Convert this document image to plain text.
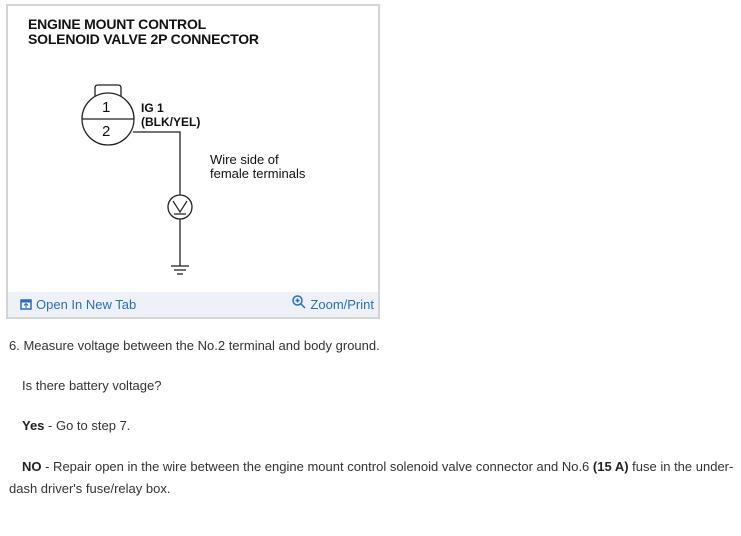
ENGINE MOUNT CONTROL
SOLENOID VALVE 2P CONNECTOR
1
2
IG 1
(BLK/YEL)
Wire side of
female terminals
Open In New Tab	Zoom/Print
6. Measure voltage between the No.2 terminal and body ground.
Is there battery voltage?
Yes - Go to step 7.
NO - Repair open in the wire between the engine mount control solenoid valve connector and No.6 (15 A) fuse in the under-dash driver's fuse/relay box.
